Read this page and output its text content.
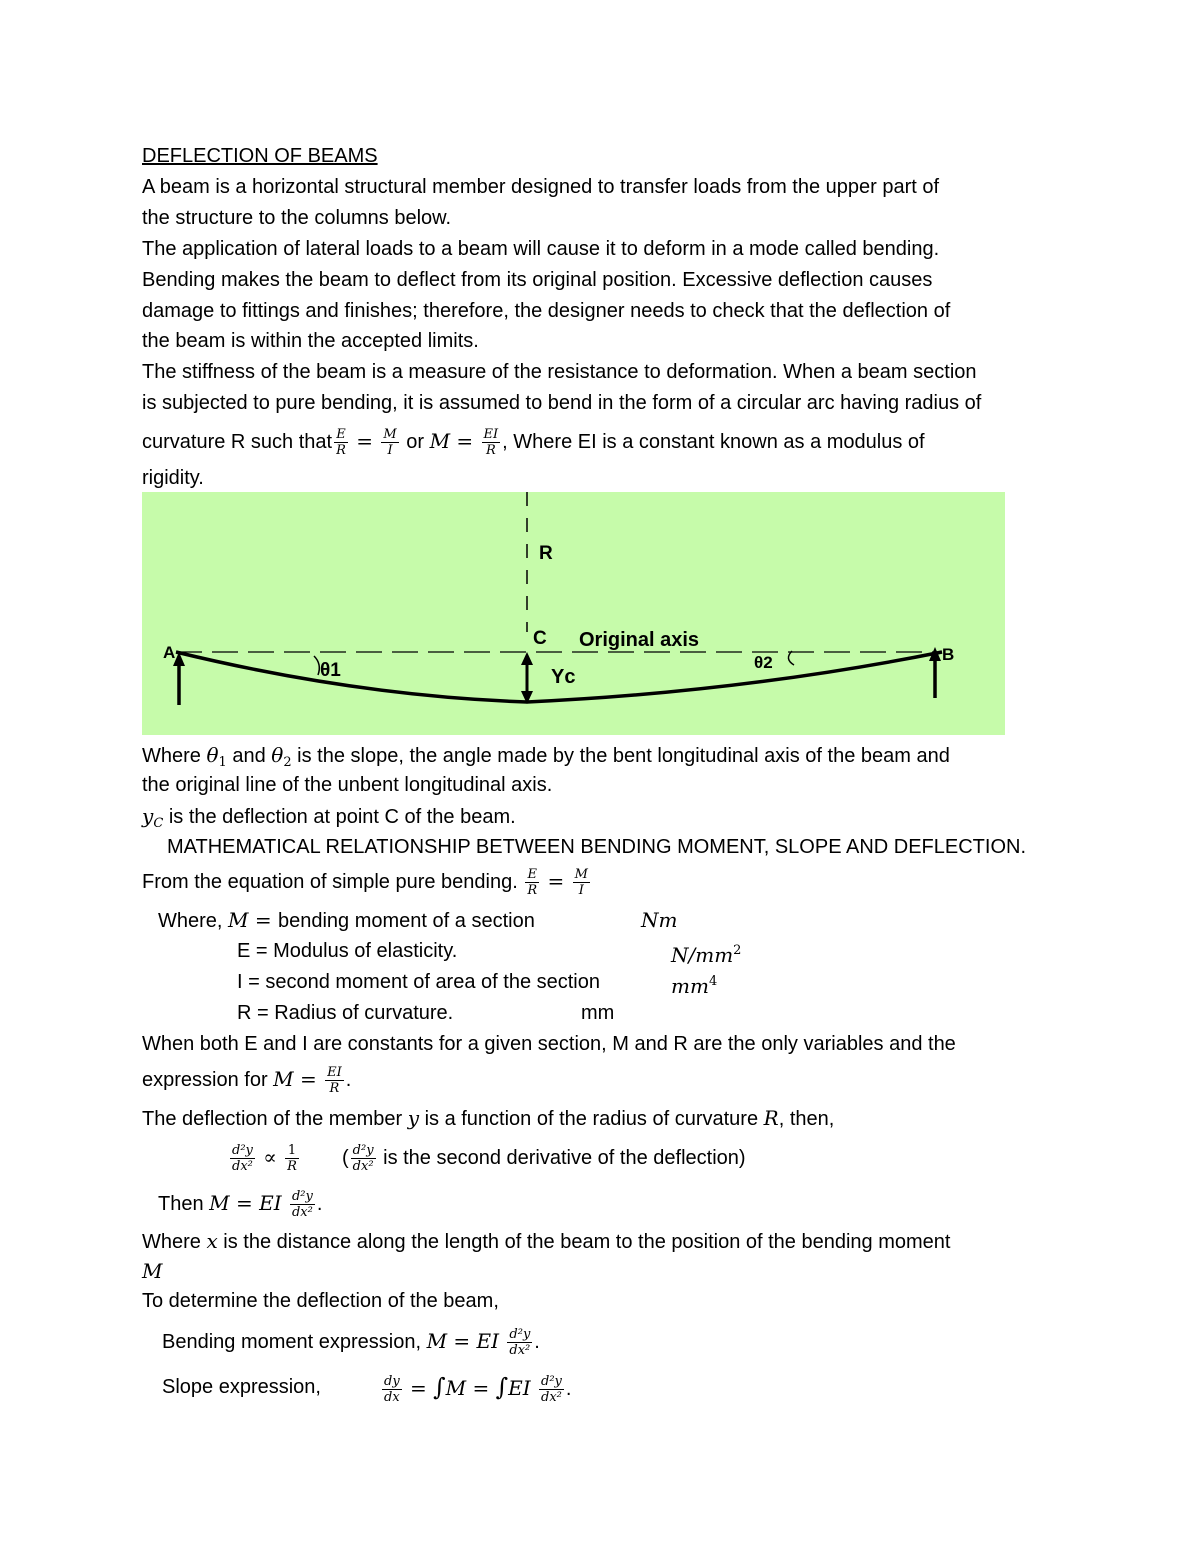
DEFLECTION OF BEAMS
A beam is a horizontal structural member designed to transfer loads from the upper part of
the structure to the columns below.
The application of lateral loads to a beam will cause it to deform in a mode called bending.
Bending makes the beam to deflect from its original position. Excessive deflection causes
damage to fittings and finishes; therefore, the designer needs to check that the deflection of
the beam is within the accepted limits.
The stiffness of the beam is a measure of the resistance to deformation. When a beam section
is subjected to pure bending, it is assumed to bend in the form of a circular arc having radius of
curvature R such that $\frac{E}{R} = \frac{M}{I}$ or $M = \frac{EI}{R}$ , Where EI is a constant known as a modulus of
rigidity.
R
C Original axis
A	B
θ1	θ2
Yc
Where $\theta_1$ and $\theta_2$ is the slope, the angle made by the bent longitudinal axis of the beam and
the original line of the unbent longitudinal axis.
$y_C$ is the deflection at point C of the beam.
MATHEMATICAL RELATIONSHIP BETWEEN BENDING MOMENT, SLOPE AND DEFLECTION.
From the equation of simple pure bending. $\frac{E}{R} = \frac{M}{I}$
Where, M = bending moment of a section	Nm
E = Modulus of elasticity.	$N/mm^2$
I = second moment of area of the section	$mm^4$
R = Radius of curvature.	mm
When both E and I are constants for a given section, M and R are the only variables and the
expression for $M = \frac{EI}{R}$ .
The deflection of the member y is a function of the radius of curvature R, then,
$\frac{\text{d²y}}{\text{dx²}} \propto \frac{1}{R}$ ( $\frac{\text{d²y}}{\text{dx²}}$ is the second derivative of the deflection)
Then M = EI $\frac{\text{d²y}}{\text{dx²}}$ .
Where x is the distance along the length of the beam to the position of the bending moment
M
To determine the deflection of the beam,
Bending moment expression, M = EI $\frac{\text{d²y}}{\text{dx²}}$ .
Slope expression,	$\frac{dy}{dx} = \int M = \int EI \frac{\text{d²y}}{\text{dx²}}$ .
